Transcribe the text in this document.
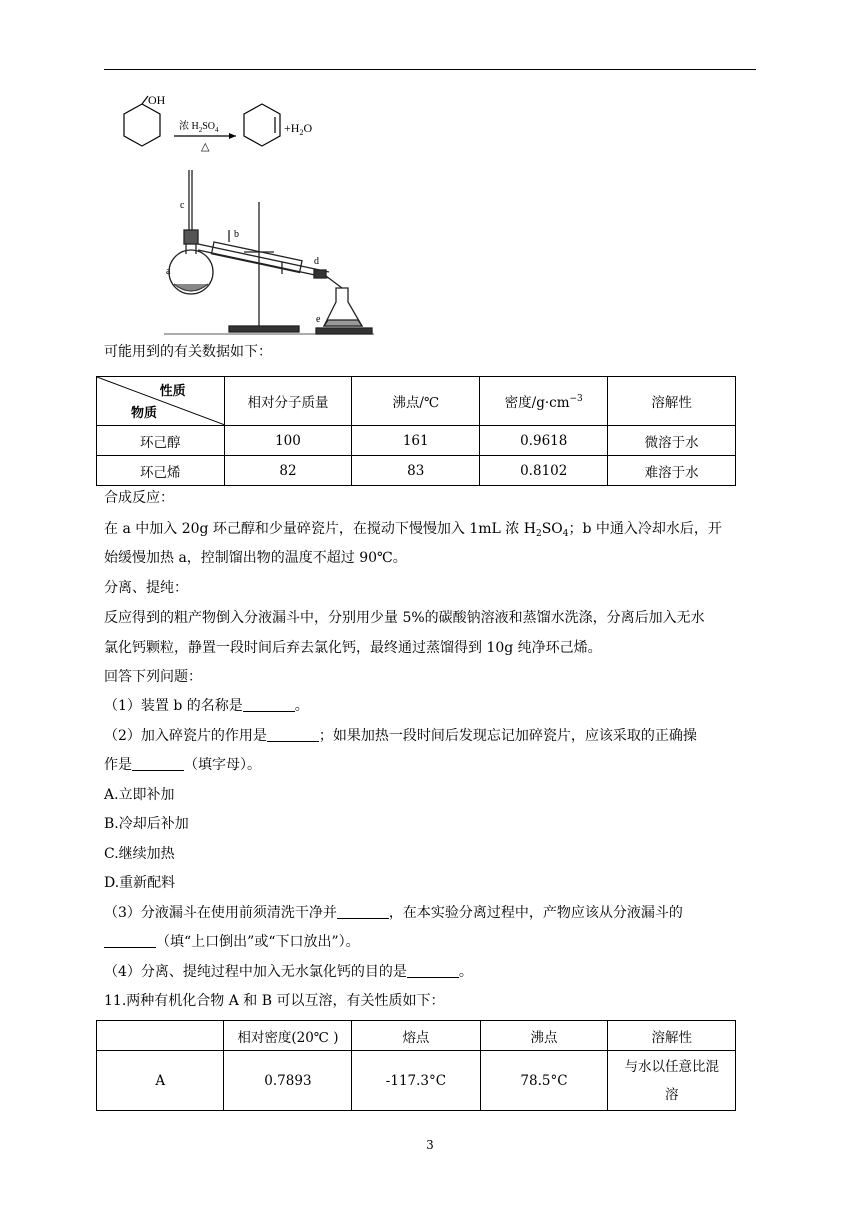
OH
浓 $H_2SO_4$
△
$+H_2O$
a
b
c
d
e
可能用到的有关数据如下：
性质
物质	相对分子质量	沸点/℃	密度$/g\cdot cm^{-3}$	溶解性
环己醇	100	161	0.9618	微溶于水
环己烯	82	83	0.8102	难溶于水
合成反应：
在 a 中加入 20g 环己醇和少量碎瓷片，在搅动下慢慢加入 1mL 浓 $H_2SO_4$；b 中通入冷却水后，开
始缓慢加热 a，控制馏出物的温度不超过 90℃。
分离、提纯：
反应得到的粗产物倒入分液漏斗中，分别用少量 5%的碳酸钠溶液和蒸馏水洗涤，分离后加入无水
氯化钙颗粒，静置一段时间后弃去氯化钙，最终通过蒸馏得到 10g 纯净环己烯。
回答下列问题：
（1）装置 b 的名称是	。
（2）加入碎瓷片的作用是	；如果加热一段时间后发现忘记加碎瓷片，应该采取的正确操
作是	（填字母）。
A.立即补加
B.冷却后补加
C.继续加热
D.重新配料
（3）分液漏斗在使用前须清洗干净并	，在本实验分离过程中，产物应该从分液漏斗的
（填“上口倒出”或“下口放出”）。
（4）分离、提纯过程中加入无水氯化钙的目的是	。
11.两种有机化合物 A 和 B 可以互溶，有关性质如下：
	相对密度(20℃ )	熔点	沸点	溶解性
A	0.7893	-117.3°C	78.5°C	与水以任意比混
溶
3
